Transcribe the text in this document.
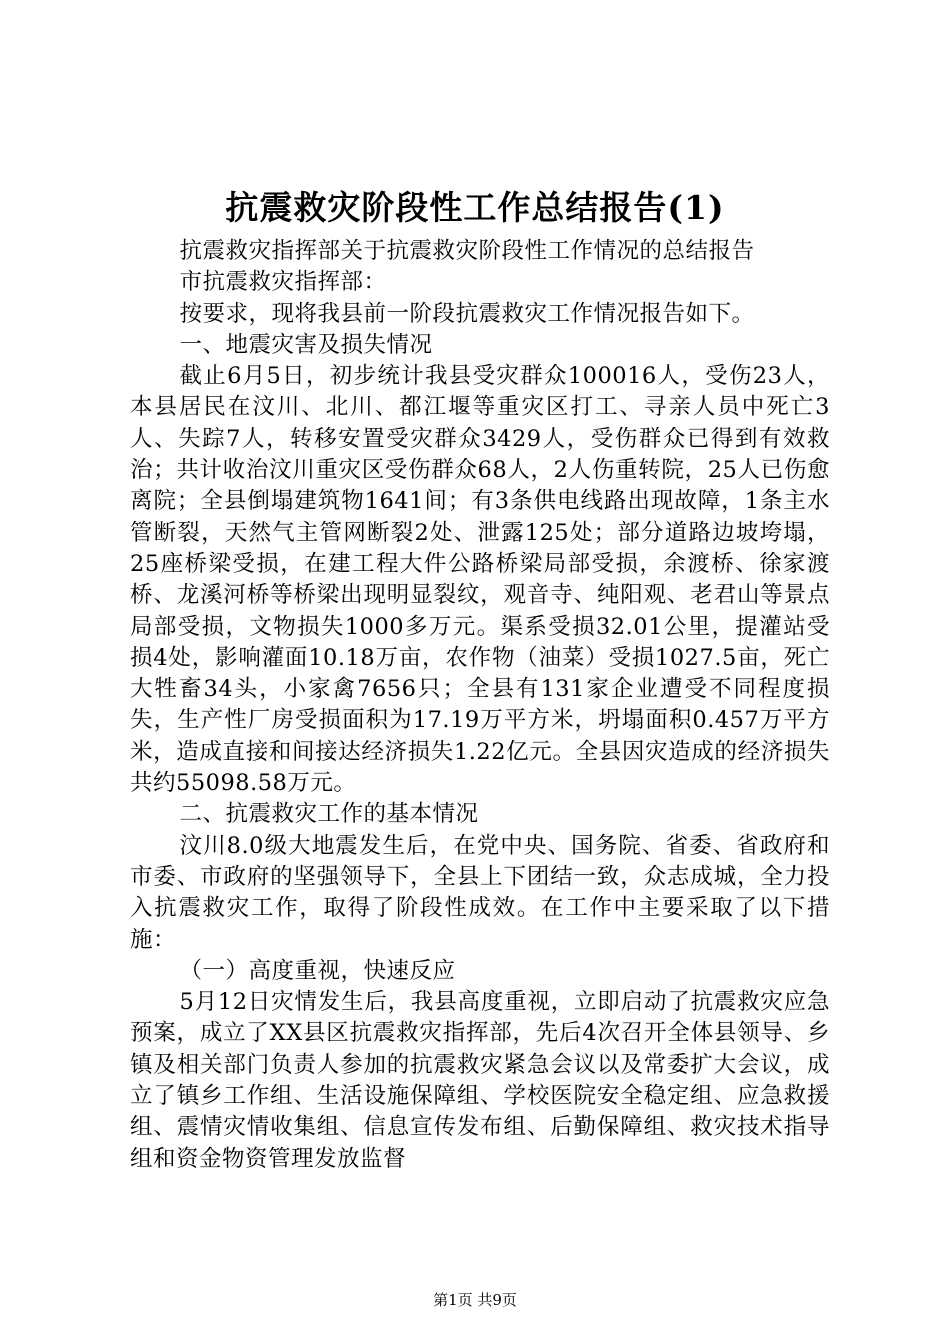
抗震救灾阶段性工作总结报告(1)

抗震救灾指挥部关于抗震救灾阶段性工作情况的总结报告

市抗震救灾指挥部：

按要求，现将我县前一阶段抗震救灾工作情况报告如下。

一、地震灾害及损失情况

截止6月5日，初步统计我县受灾群众100016人，受伤23人，本县居民在汶川、北川、都江堰等重灾区打工、寻亲人员中死亡3人、失踪7人，转移安置受灾群众3429人，受伤群众已得到有效救治；共计收治汶川重灾区受伤群众68人，2人伤重转院，25人已伤愈离院；全县倒塌建筑物1641间；有3条供电线路出现故障，1条主水管断裂，天然气主管网断裂2处、泄露125处；部分道路边坡垮塌，25座桥梁受损，在建工程大件公路桥梁局部受损，余渡桥、徐家渡桥、龙溪河桥等桥梁出现明显裂纹，观音寺、纯阳观、老君山等景点局部受损，文物损失1000多万元。渠系受损32.01公里，提灌站受损4处，影响灌面10.18万亩，农作物（油菜）受损1027.5亩，死亡大牲畜34头，小家禽7656只；全县有131家企业遭受不同程度损失，生产性厂房受损面积为17.19万平方米，坍塌面积0.457万平方米，造成直接和间接达经济损失1.22亿元。全县因灾造成的经济损失共约55098.58万元。

二、抗震救灾工作的基本情况

汶川8.0级大地震发生后，在党中央、国务院、省委、省政府和市委、市政府的坚强领导下，全县上下团结一致，众志成城，全力投入抗震救灾工作，取得了阶段性成效。在工作中主要采取了以下措施：

（一）高度重视，快速反应

5月12日灾情发生后，我县高度重视，立即启动了抗震救灾应急预案，成立了XX县区抗震救灾指挥部，先后4次召开全体县领导、乡镇及相关部门负责人参加的抗震救灾紧急会议以及常委扩大会议，成立了镇乡工作组、生活设施保障组、学校医院安全稳定组、应急救援组、震情灾情收集组、信息宣传发布组、后勤保障组、救灾技术指导组和资金物资管理发放监督

第1页 共9页
